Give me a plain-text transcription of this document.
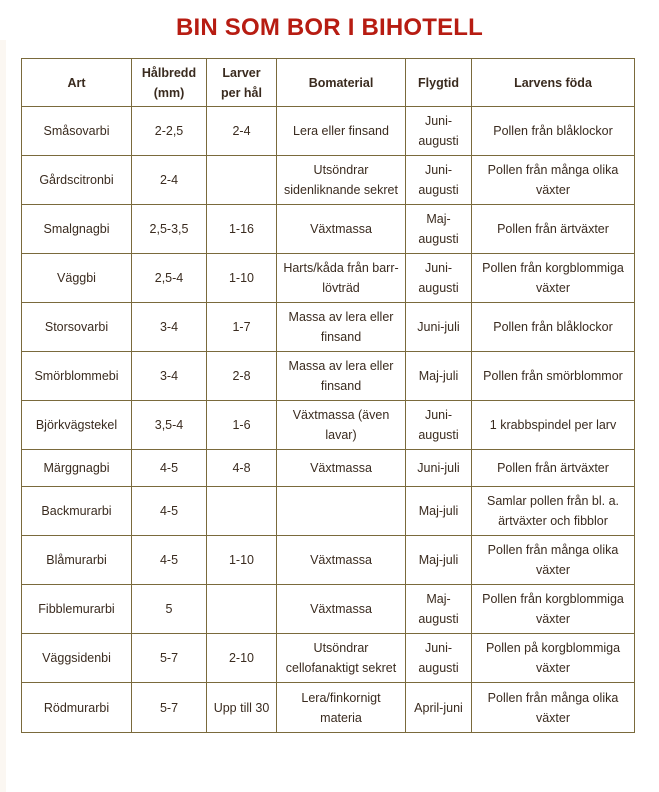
BIN SOM BOR I BIHOTELL
Art	Hålbredd (mm)	Larver per hål	Bomaterial	Flygtid	Larvens föda
Småsovarbi	2-2,5	2-4	Lera eller finsand	Juni-augusti	Pollen från blåklockor
Gårdscitronbi	2-4		Utsöndrar sidenliknande sekret	Juni-augusti	Pollen från många olika växter
Smalgnagbi	2,5-3,5	1-16	Växtmassa	Maj-augusti	Pollen från ärtväxter
Väggbi	2,5-4	1-10	Harts/kåda från barr-lövträd	Juni-augusti	Pollen från korgblommiga växter
Storsovarbi	3-4	1-7	Massa av lera eller finsand	Juni-juli	Pollen från blåklockor
Smörblommebi	3-4	2-8	Massa av lera eller finsand	Maj-juli	Pollen från smörblommor
Björkvägstekel	3,5-4	1-6	Växtmassa (även lavar)	Juni-augusti	1 krabbspindel per larv
Märggnagbi	4-5	4-8	Växtmassa	Juni-juli	Pollen från ärtväxter
Backmurarbi	4-5			Maj-juli	Samlar pollen från bl. a. ärtväxter och fibblor
Blåmurarbi	4-5	1-10	Växtmassa	Maj-juli	Pollen från många olika växter
Fibblemurarbi	5		Växtmassa	Maj-augusti	Pollen från korgblommiga växter
Väggsidenbi	5-7	2-10	Utsöndrar cellofanaktigt sekret	Juni-augusti	Pollen på korgblommiga växter
Rödmurarbi	5-7	Upp till 30	Lera/finkornigt materia	April-juni	Pollen från många olika växter
